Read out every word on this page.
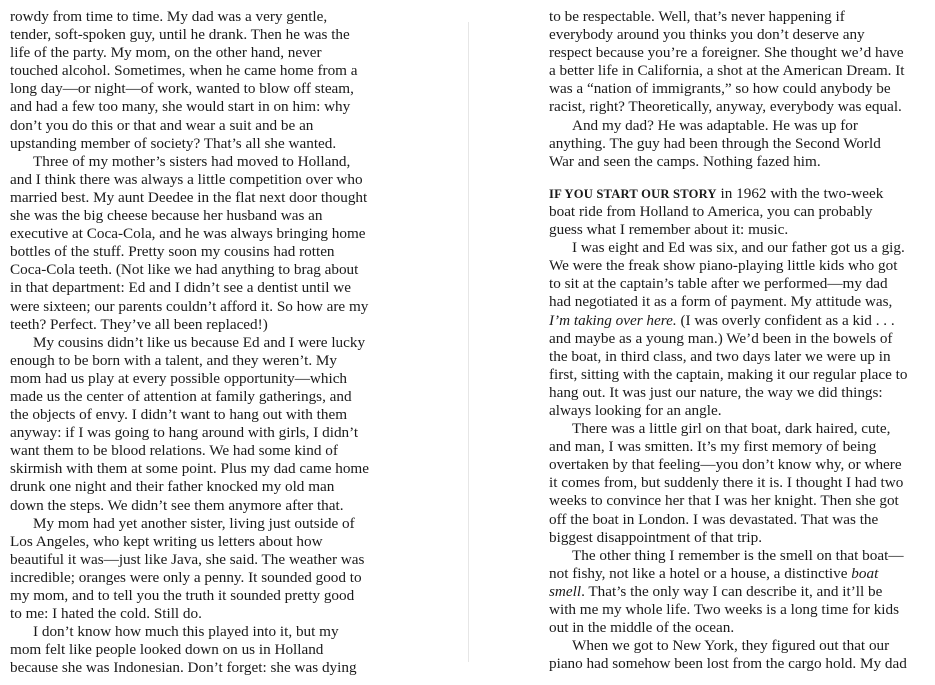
rowdy from time to time. My dad was a very gentle,
tender, soft-spoken guy, until he drank. Then he was the
life of the party. My mom, on the other hand, never
touched alcohol. Sometimes, when he came home from a
long day—or night—of work, wanted to blow off steam,
and had a few too many, she would start in on him: why
don’t you do this or that and wear a suit and be an
upstanding member of society? That’s all she wanted.
Three of my mother’s sisters had moved to Holland,
and I think there was always a little competition over who
married best. My aunt Deedee in the flat next door thought
she was the big cheese because her husband was an
executive at Coca-Cola, and he was always bringing home
bottles of the stuff. Pretty soon my cousins had rotten
Coca-Cola teeth. (Not like we had anything to brag about
in that department: Ed and I didn’t see a dentist until we
were sixteen; our parents couldn’t afford it. So how are my
teeth? Perfect. They’ve all been replaced!)
My cousins didn’t like us because Ed and I were lucky
enough to be born with a talent, and they weren’t. My
mom had us play at every possible opportunity—which
made us the center of attention at family gatherings, and
the objects of envy. I didn’t want to hang out with them
anyway: if I was going to hang around with girls, I didn’t
want them to be blood relations. We had some kind of
skirmish with them at some point. Plus my dad came home
drunk one night and their father knocked my old man
down the steps. We didn’t see them anymore after that.
My mom had yet another sister, living just outside of
Los Angeles, who kept writing us letters about how
beautiful it was—just like Java, she said. The weather was
incredible; oranges were only a penny. It sounded good to
my mom, and to tell you the truth it sounded pretty good
to me: I hated the cold. Still do.
I don’t know how much this played into it, but my
mom felt like people looked down on us in Holland
because she was Indonesian. Don’t forget: she was dying
to be respectable. Well, that’s never happening if
everybody around you thinks you don’t deserve any
respect because you’re a foreigner. She thought we’d have
a better life in California, a shot at the American Dream. It
was a “nation of immigrants,” so how could anybody be
racist, right? Theoretically, anyway, everybody was equal.
And my dad? He was adaptable. He was up for
anything. The guy had been through the Second World
War and seen the camps. Nothing fazed him.
IF YOU START OUR STORY in 1962 with the two-week
boat ride from Holland to America, you can probably
guess what I remember about it: music.
I was eight and Ed was six, and our father got us a gig.
We were the freak show piano-playing little kids who got
to sit at the captain’s table after we performed—my dad
had negotiated it as a form of payment. My attitude was,
I’m taking over here. (I was overly confident as a kid . . .
and maybe as a young man.) We’d been in the bowels of
the boat, in third class, and two days later we were up in
first, sitting with the captain, making it our regular place to
hang out. It was just our nature, the way we did things:
always looking for an angle.
There was a little girl on that boat, dark haired, cute,
and man, I was smitten. It’s my first memory of being
overtaken by that feeling—you don’t know why, or where
it comes from, but suddenly there it is. I thought I had two
weeks to convince her that I was her knight. Then she got
off the boat in London. I was devastated. That was the
biggest disappointment of that trip.
The other thing I remember is the smell on that boat—
not fishy, not like a hotel or a house, a distinctive boat
smell. That’s the only way I can describe it, and it’ll be
with me my whole life. Two weeks is a long time for kids
out in the middle of the ocean.
When we got to New York, they figured out that our
piano had somehow been lost from the cargo hold. My dad
